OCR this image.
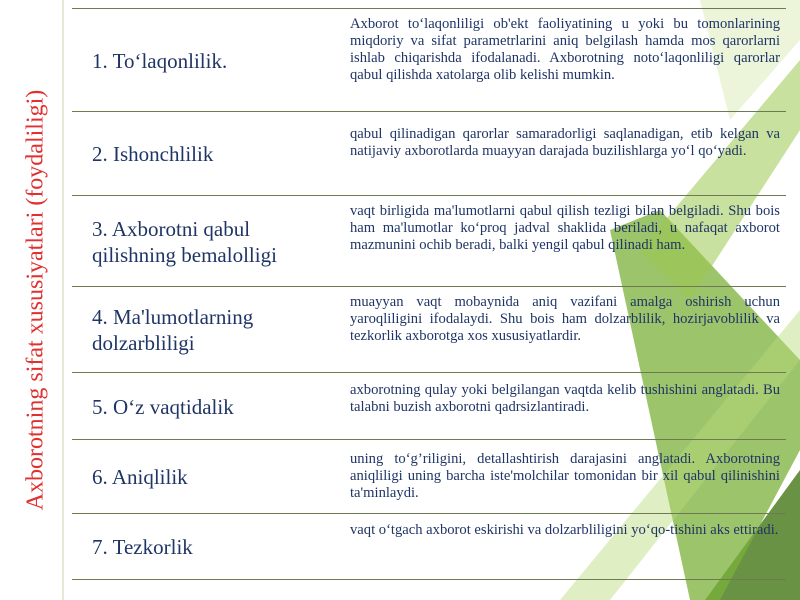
Axborotning sifat xususiyatlari (foydaliligi)
1. To‘laqonlilik.
Axborot to‘laqonliligi ob'ekt faoliyatining u yoki bu tomonlarining miqdoriy va sifat parametrlarini aniq belgilash hamda mos qarorlarni ishlab chiqarishda ifodalanadi. Axborotning noto‘laqonliligi qarorlar qabul qilishda xatolarga olib kelishi mumkin.
2. Ishonchlilik
qabul qilinadigan qarorlar samaradorligi saqlanadigan, etib kelgan va natijaviy axborotlarda muayyan darajada buzilishlarga yo‘l qo‘yadi.
3. Axborotni qabul qilishning bemalolligi
vaqt birligida ma'lumotlarni qabul qilish tezligi bilan belgiladi. Shu bois ham ma'lumotlar ko‘proq jadval shaklida beriladi, u nafaqat axborot mazmunini ochib beradi, balki yengil qabul qilinadi ham.
4. Ma'lumotlarning dolzarbliligi
muayyan vaqt mobaynida aniq vazifani amalga oshirish uchun yaroqliligini ifodalaydi. Shu bois ham dolzarblilik, hozirjavoblilik va tezkorlik axborotga xos xususiyatlardir.
5. O‘z vaqtidalik
axborotning qulay yoki belgilangan vaqtda kelib tushishini anglatadi. Bu talabni buzish axborotni qadrsizlantiradi.
6. Aniqlilik
uning to‘g’riligini, detallashtirish darajasini anglatadi. Axborotning aniqliligi uning barcha iste'molchilar tomonidan bir xil qabul qilinishini ta'minlaydi.
7. Tezkorlik
vaqt o‘tgach axborot eskirishi va dolzarbliligini yo‘qo-tishini aks ettiradi.
